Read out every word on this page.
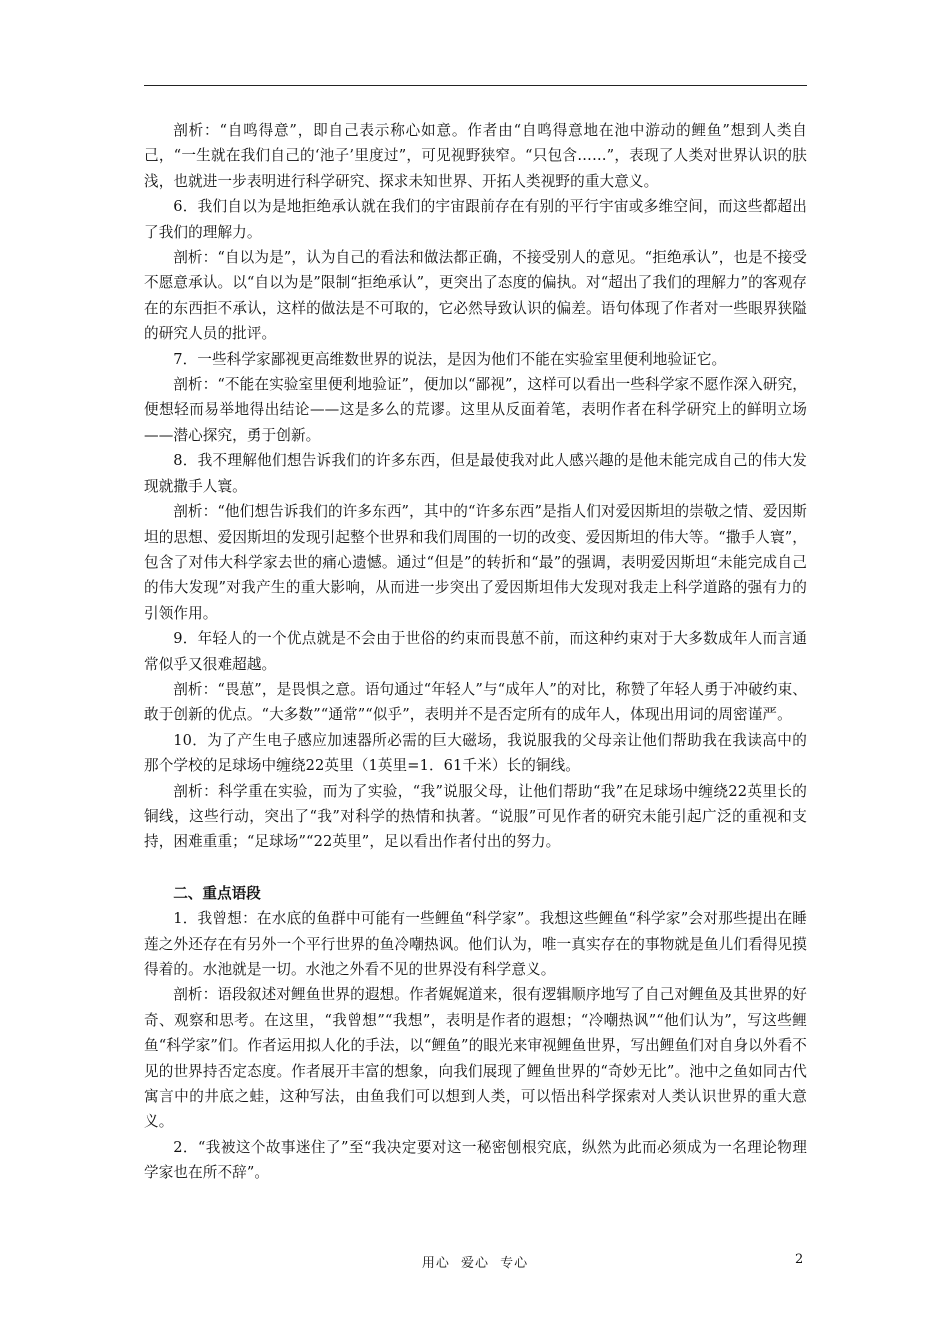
剖析：“自鸣得意”，即自己表示称心如意。作者由“自鸣得意地在池中游动的鲤鱼”想到人类自己，“一生就在我们自己的‘池子’里度过”，可见视野狭窄。“只包含……”，表现了人类对世界认识的肤浅，也就进一步表明进行科学研究、探求未知世界、开拓人类视野的重大意义。

6．我们自以为是地拒绝承认就在我们的宇宙跟前存在有别的平行宇宙或多维空间，而这些都超出了我们的理解力。

剖析：“自以为是”，认为自己的看法和做法都正确，不接受别人的意见。“拒绝承认”，也是不接受不愿意承认。以“自以为是”限制“拒绝承认”，更突出了态度的偏执。对“超出了我们的理解力”的客观存在的东西拒不承认，这样的做法是不可取的，它必然导致认识的偏差。语句体现了作者对一些眼界狭隘的研究人员的批评。

7．一些科学家鄙视更高维数世界的说法，是因为他们不能在实验室里便利地验证它。

剖析：“不能在实验室里便利地验证”，便加以“鄙视”，这样可以看出一些科学家不愿作深入研究，便想轻而易举地得出结论——这是多么的荒谬。这里从反面着笔，表明作者在科学研究上的鲜明立场——潜心探究，勇于创新。

8．我不理解他们想告诉我们的许多东西，但是最使我对此人感兴趣的是他未能完成自己的伟大发现就撒手人寰。

剖析：“他们想告诉我们的许多东西”，其中的“许多东西”是指人们对爱因斯坦的崇敬之情、爱因斯坦的思想、爱因斯坦的发现引起整个世界和我们周围的一切的改变、爱因斯坦的伟大等。“撒手人寰”，包含了对伟大科学家去世的痛心遗憾。通过“但是”的转折和“最”的强调，表明爱因斯坦“未能完成自己的伟大发现”对我产生的重大影响，从而进一步突出了爱因斯坦伟大发现对我走上科学道路的强有力的引领作用。

9．年轻人的一个优点就是不会由于世俗的约束而畏葸不前，而这种约束对于大多数成年人而言通常似乎又很难超越。

剖析：“畏葸”，是畏惧之意。语句通过“年轻人”与“成年人”的对比，称赞了年轻人勇于冲破约束、敢于创新的优点。“大多数”“通常”“似乎”，表明并不是否定所有的成年人，体现出用词的周密谨严。

10．为了产生电子感应加速器所必需的巨大磁场，我说服我的父母亲让他们帮助我在我读高中的那个学校的足球场中缠绕22英里（1英里=1．61千米）长的铜线。

剖析：科学重在实验，而为了实验，“我”说服父母，让他们帮助“我”在足球场中缠绕22英里长的铜线，这些行动，突出了“我”对科学的热情和执著。“说服”可见作者的研究未能引起广泛的重视和支持，困难重重；“足球场”“22英里”，足以看出作者付出的努力。

二、重点语段

1．我曾想：在水底的鱼群中可能有一些鲤鱼“科学家”。我想这些鲤鱼“科学家”会对那些提出在睡莲之外还存在有另外一个平行世界的鱼冷嘲热讽。他们认为，唯一真实存在的事物就是鱼儿们看得见摸得着的。水池就是一切。水池之外看不见的世界没有科学意义。

剖析：语段叙述对鲤鱼世界的遐想。作者娓娓道来，很有逻辑顺序地写了自己对鲤鱼及其世界的好奇、观察和思考。在这里，“我曾想”“我想”，表明是作者的遐想；“冷嘲热讽”“他们认为”，写这些鲤鱼“科学家”们。作者运用拟人化的手法，以“鲤鱼”的眼光来审视鲤鱼世界，写出鲤鱼们对自身以外看不见的世界持否定态度。作者展开丰富的想象，向我们展现了鲤鱼世界的“奇妙无比”。池中之鱼如同古代寓言中的井底之蛙，这种写法，由鱼我们可以想到人类，可以悟出科学探索对人类认识世界的重大意义。

2．“我被这个故事迷住了”至“我决定要对这一秘密刨根究底，纵然为此而必须成为一名理论物理学家也在所不辞”。

用心 爱心 专心	2
